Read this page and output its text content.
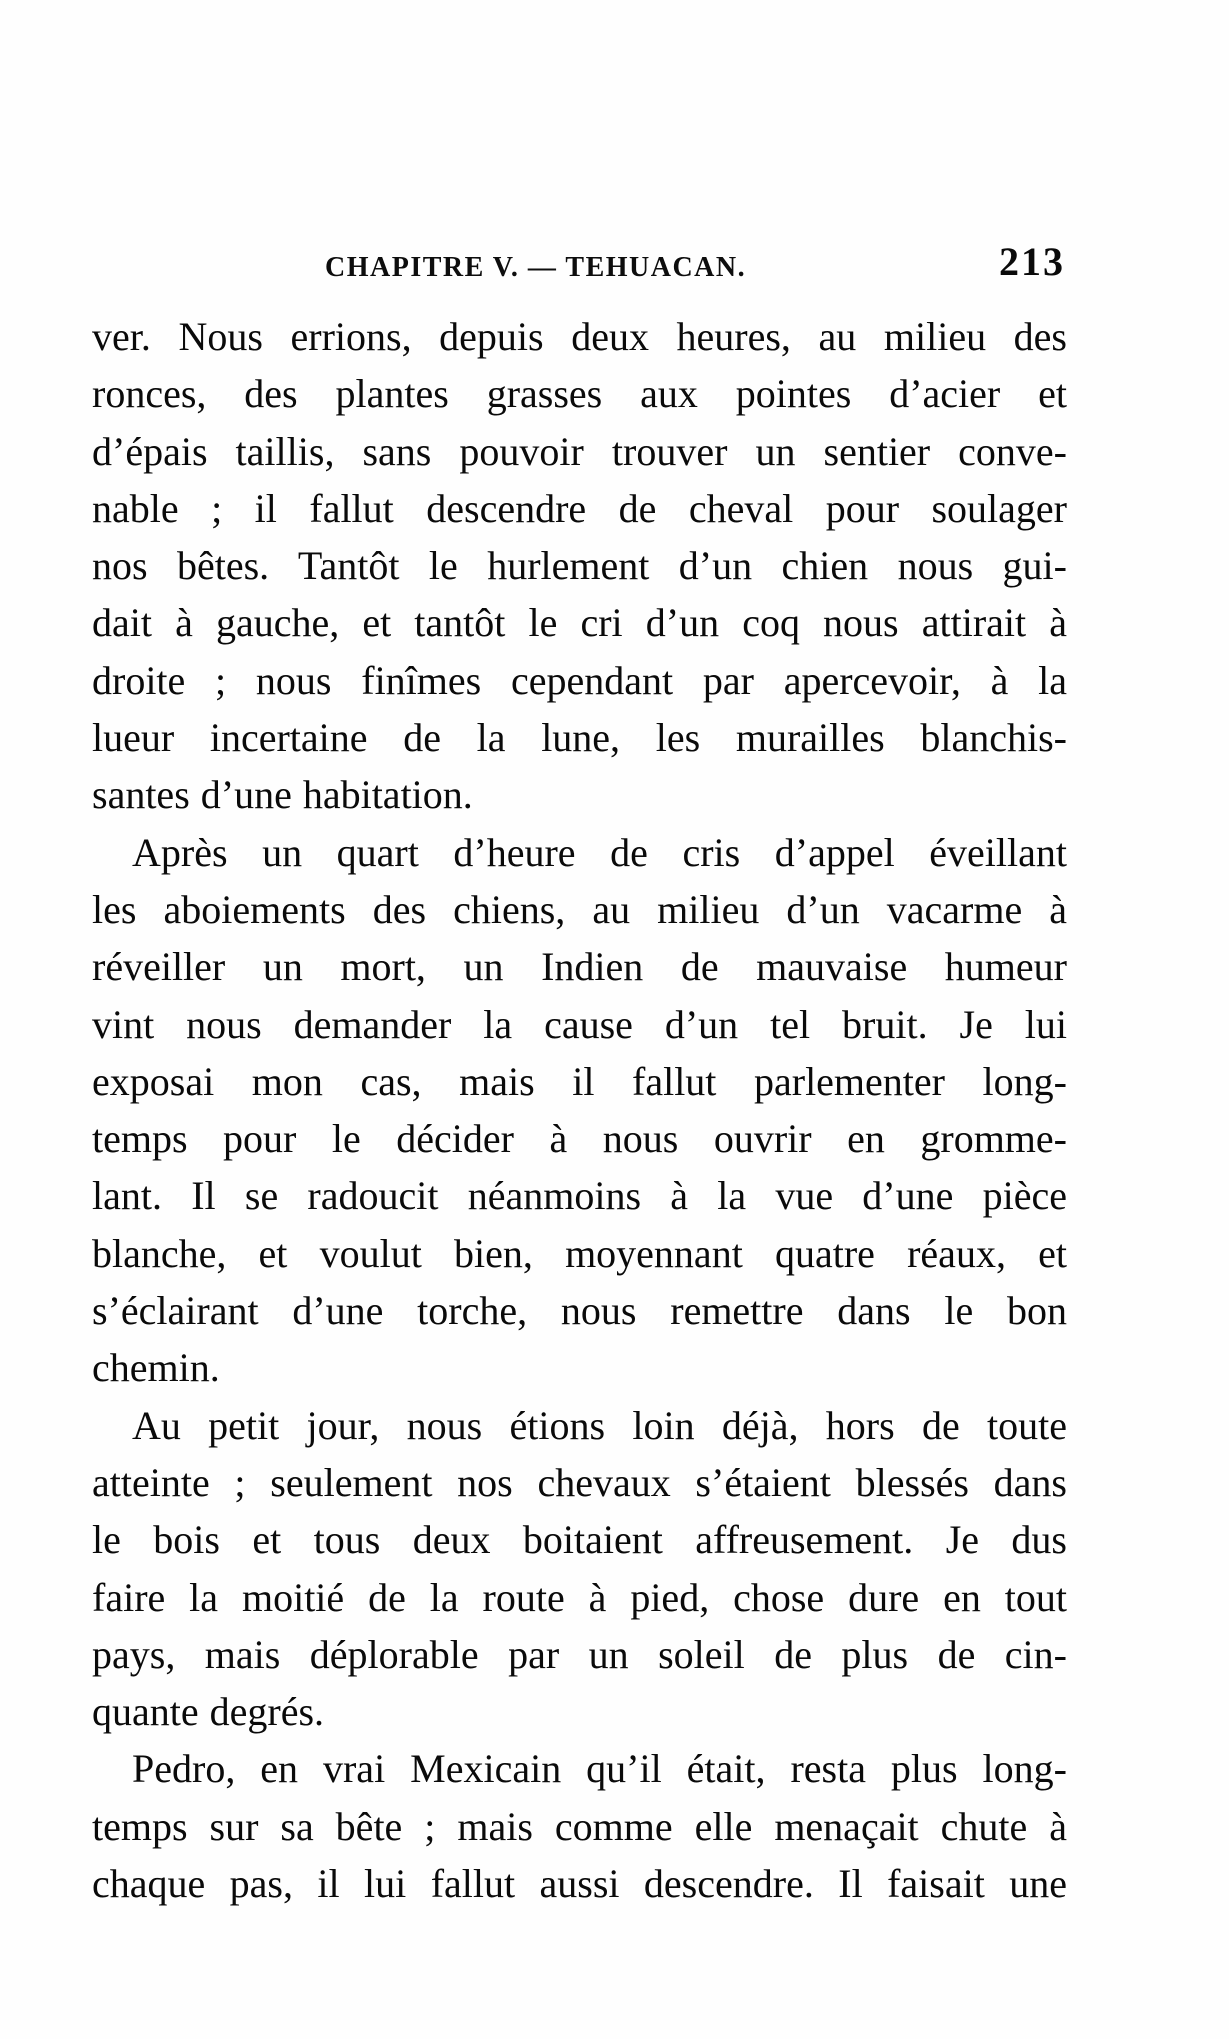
CHAPITRE V. — TEHUACAN.	213
ver. Nous errions, depuis deux heures, au milieu des
ronces, des plantes grasses aux pointes d’acier et
d’épais taillis, sans pouvoir trouver un sentier conve-
nable ; il fallut descendre de cheval pour soulager
nos bêtes. Tantôt le hurlement d’un chien nous gui-
dait à gauche, et tantôt le cri d’un coq nous attirait à
droite ; nous finîmes cependant par apercevoir, à la
lueur incertaine de la lune, les murailles blanchis-
santes d’une habitation.
Après un quart d’heure de cris d’appel éveillant
les aboiements des chiens, au milieu d’un vacarme à
réveiller un mort, un Indien de mauvaise humeur
vint nous demander la cause d’un tel bruit. Je lui
exposai mon cas, mais il fallut parlementer long-
temps pour le décider à nous ouvrir en gromme-
lant. Il se radoucit néanmoins à la vue d’une pièce
blanche, et voulut bien, moyennant quatre réaux, et
s’éclairant d’une torche, nous remettre dans le bon
chemin.
Au petit jour, nous étions loin déjà, hors de toute
atteinte ; seulement nos chevaux s’étaient blessés dans
le bois et tous deux boitaient affreusement. Je dus
faire la moitié de la route à pied, chose dure en tout
pays, mais déplorable par un soleil de plus de cin-
quante degrés.
Pedro, en vrai Mexicain qu’il était, resta plus long-
temps sur sa bête ; mais comme elle menaçait chute à
chaque pas, il lui fallut aussi descendre. Il faisait une
